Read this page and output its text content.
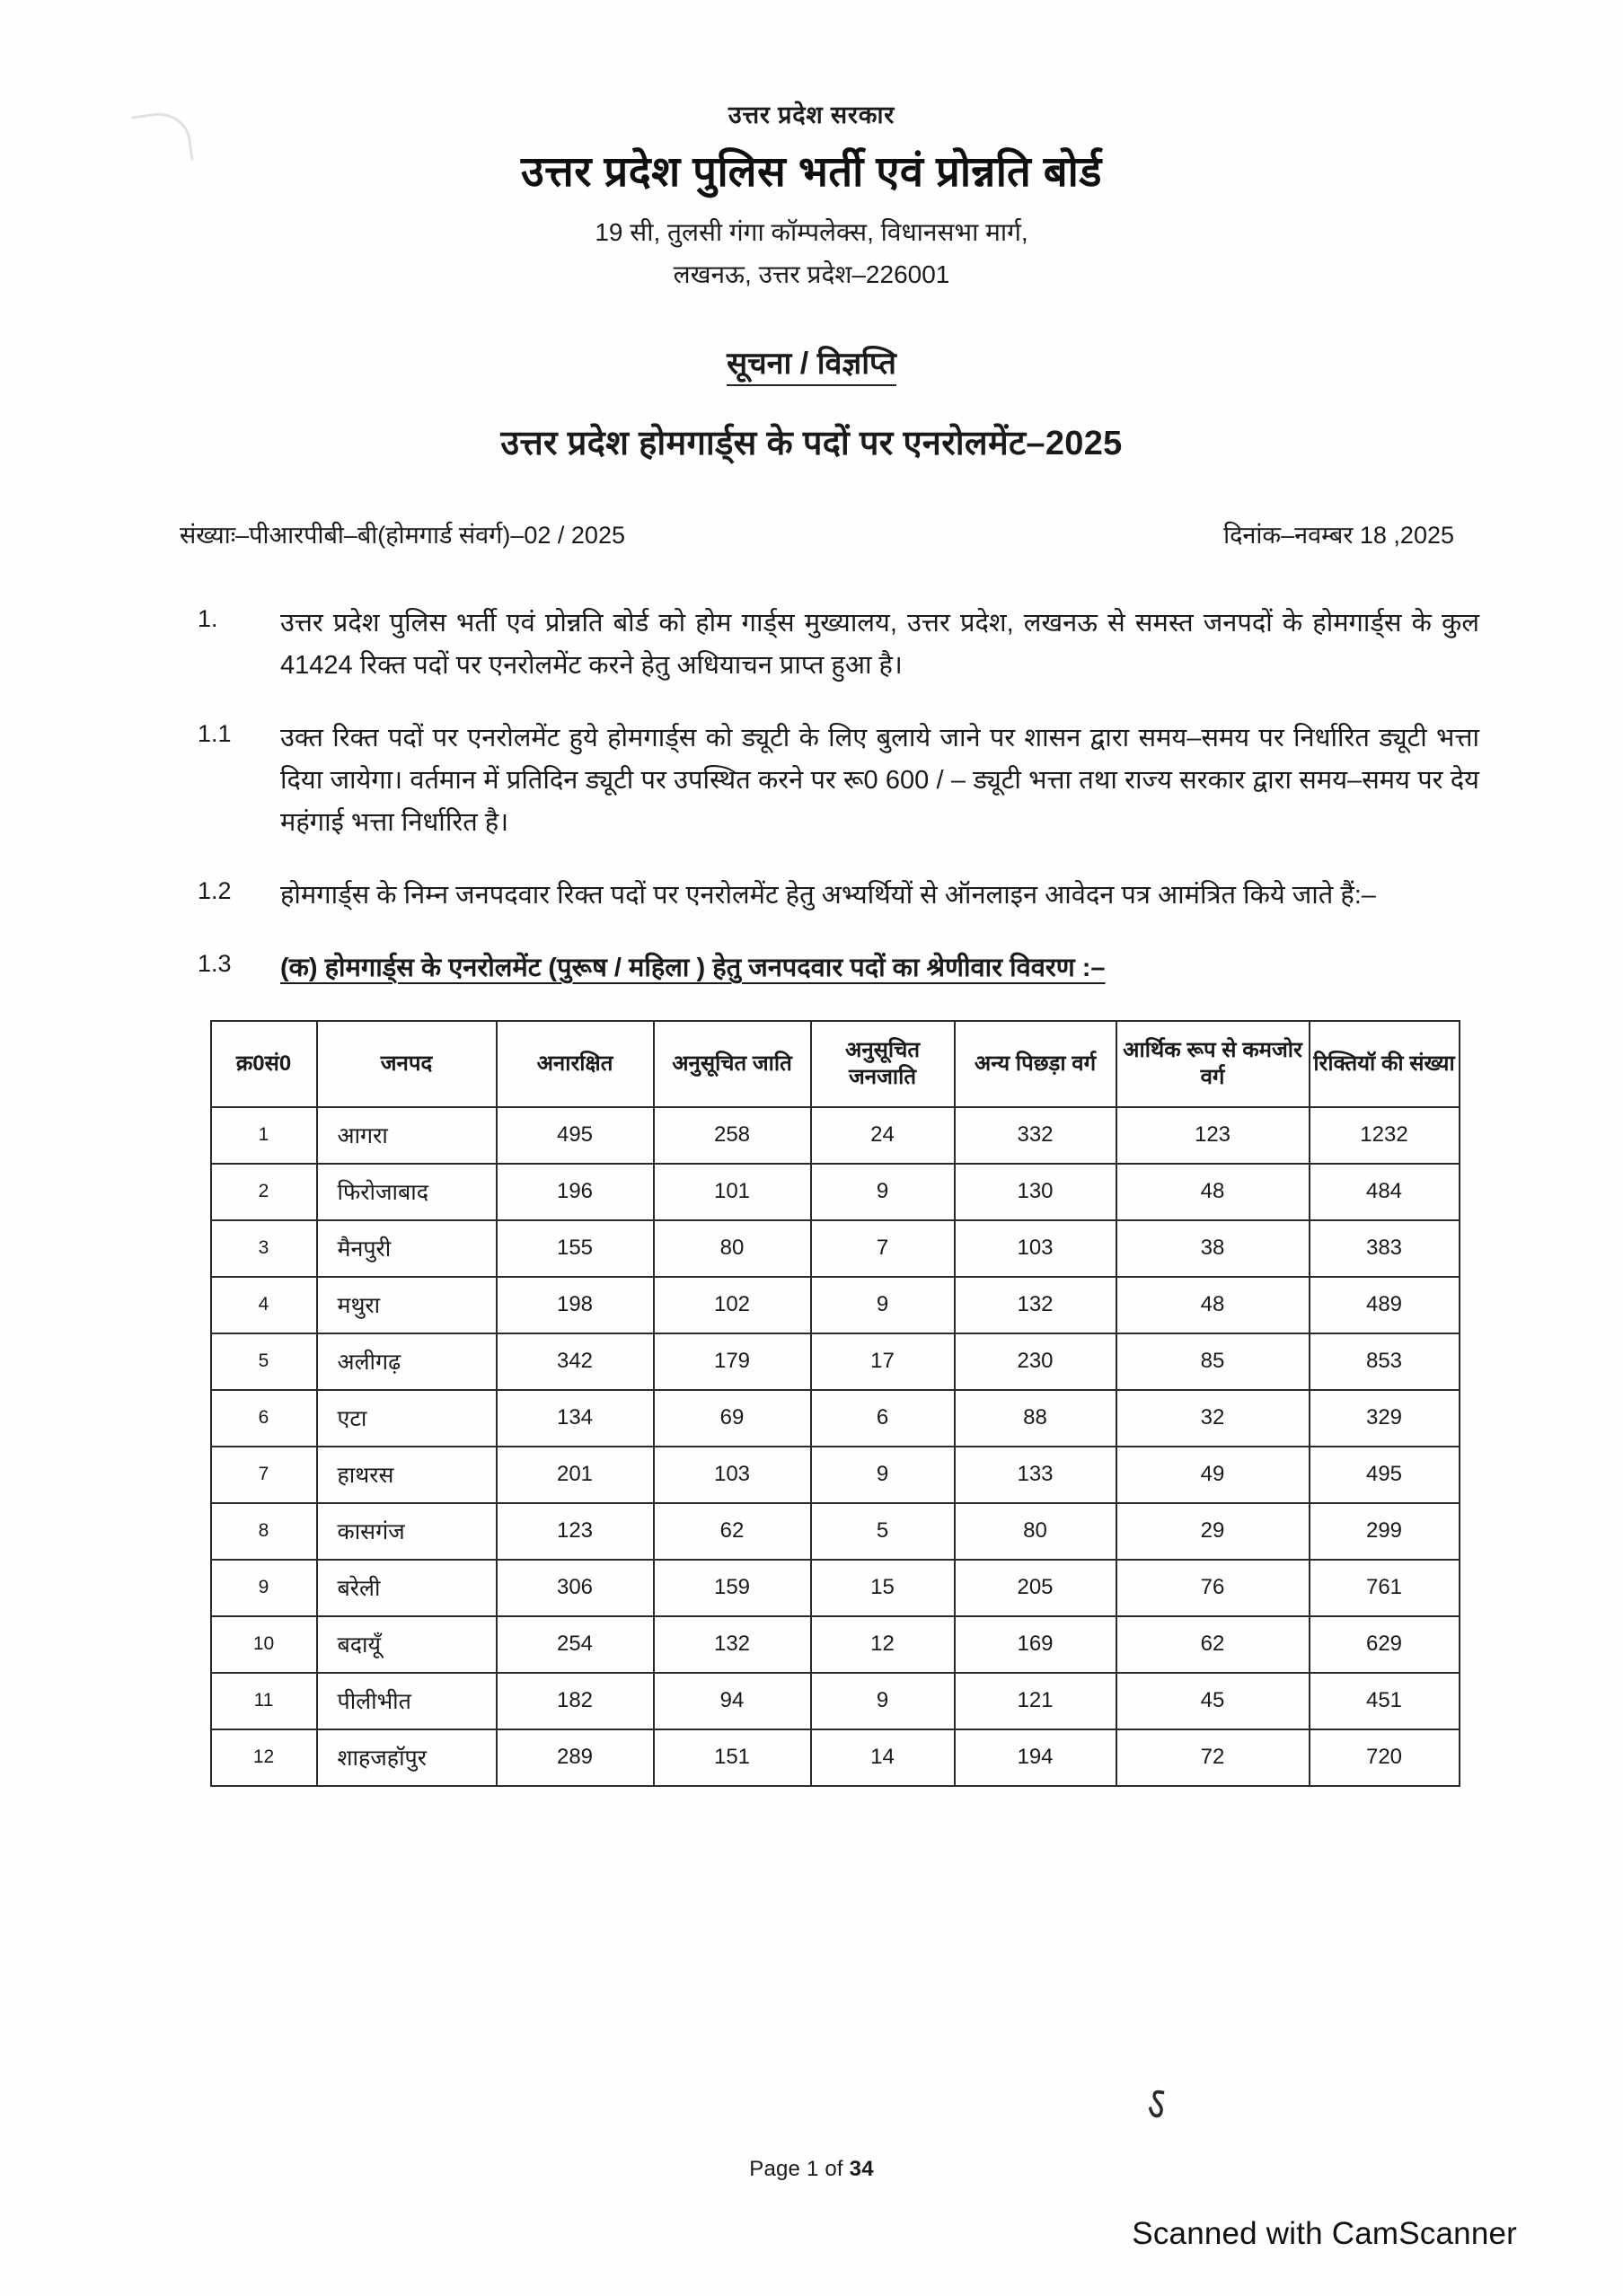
उत्तर प्रदेश सरकार
उत्तर प्रदेश पुलिस भर्ती एवं प्रोन्नति बोर्ड
19 सी, तुलसी गंगा कॉम्पलेक्स, विधानसभा मार्ग,
लखनऊ, उत्तर प्रदेश–226001
सूचना / विज्ञप्ति
उत्तर प्रदेश होमगार्ड्स के पदों पर एनरोलमेंट–2025
संख्याः–पीआरपीबी–बी(होमगार्ड संवर्ग)–02 / 2025	दिनांक–नवम्बर 18 ,2025
1.	उत्तर प्रदेश पुलिस भर्ती एवं प्रोन्नति बोर्ड को होम गार्ड्स मुख्यालय, उत्तर प्रदेश, लखनऊ से समस्त जनपदों के होमगार्ड्स के कुल 41424 रिक्त पदों पर एनरोलमेंट करने हेतु अधियाचन प्राप्त हुआ है।
1.1	उक्त रिक्त पदों पर एनरोलमेंट हुये होमगार्ड्स को ड्यूटी के लिए बुलाये जाने पर शासन द्वारा समय–समय पर निर्धारित ड्यूटी भत्ता दिया जायेगा। वर्तमान में प्रतिदिन ड्यूटी पर उपस्थित करने पर रू0 600 / – ड्यूटी भत्ता तथा राज्य सरकार द्वारा समय–समय पर देय महंगाई भत्ता निर्धारित है।
1.2	होमगार्ड्स के निम्न जनपदवार रिक्त पदों पर एनरोलमेंट हेतु अभ्यर्थियों से ऑनलाइन आवेदन पत्र आमंत्रित किये जाते हैं:–
1.3	(क) होमगार्ड्स के एनरोलमेंट (पुरूष / महिला ) हेतु जनपदवार पदों का श्रेणीवार विवरण :–
क्र0सं0	जनपद	अनारक्षित	अनुसूचित जाति	अनुसूचित जनजाति	अन्य पिछड़ा वर्ग	आर्थिक रूप से कमजोर वर्ग	रिक्तियॉ की संख्या
1	आगरा	495	258	24	332	123	1232
2	फिरोजाबाद	196	101	9	130	48	484
3	मैनपुरी	155	80	7	103	38	383
4	मथुरा	198	102	9	132	48	489
5	अलीगढ़	342	179	17	230	85	853
6	एटा	134	69	6	88	32	329
7	हाथरस	201	103	9	133	49	495
8	कासगंज	123	62	5	80	29	299
9	बरेली	306	159	15	205	76	761
10	बदायूँ	254	132	12	169	62	629
11	पीलीभीत	182	94	9	121	45	451
12	शाहजहॉपुर	289	151	14	194	72	720
ऽ
Page 1 of 34
Scanned with CamScanner
